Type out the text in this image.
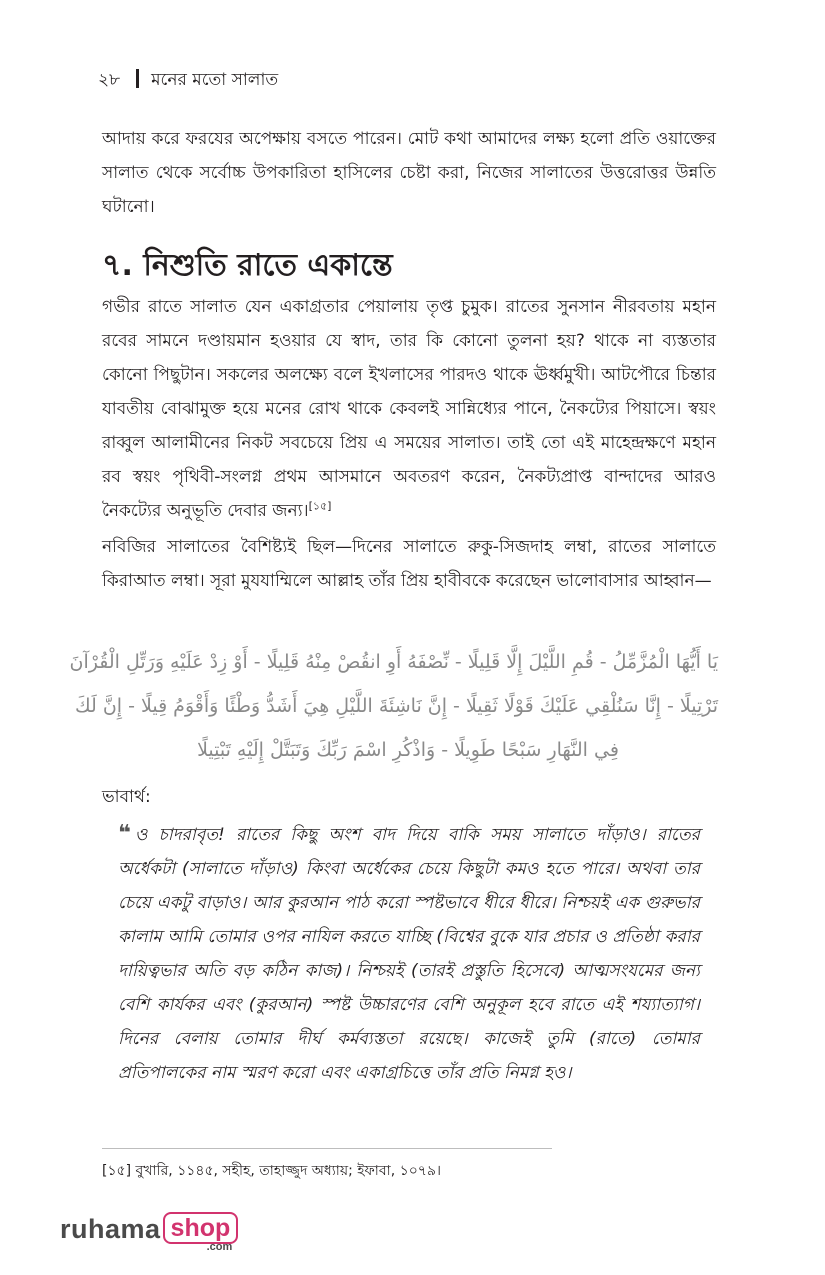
২৮ মনের মতো সালাত

আদায় করে ফরযের অপেক্ষায় বসতে পারেন। মোট কথা আমাদের লক্ষ্য হলো প্রতি ওয়াক্তের সালাত থেকে সর্বোচ্চ উপকারিতা হাসিলের চেষ্টা করা, নিজের সালাতের উত্তরোত্তর উন্নতি ঘটানো।

৭. নিশুতি রাতে একান্তে

গভীর রাতে সালাত যেন একাগ্রতার পেয়ালায় তৃপ্ত চুমুক। রাতের সুনসান নীরবতায় মহান রবের সামনে দণ্ডায়মান হওয়ার যে স্বাদ, তার কি কোনো তুলনা হয়? থাকে না ব্যস্ততার কোনো পিছুটান। সকলের অলক্ষ্যে বলে ইখলাসের পারদও থাকে ঊর্ধ্বমুখী। আটপৌরে চিন্তার যাবতীয় বোঝামুক্ত হয়ে মনের রোখ থাকে কেবলই সান্নিধ্যের পানে, নৈকট্যের পিয়াসে। স্বয়ং রাব্বুল আলামীনের নিকট সবচেয়ে প্রিয় এ সময়ের সালাত। তাই তো এই মাহেন্দ্রক্ষণে মহান রব স্বয়ং পৃথিবী-সংলগ্ন প্রথম আসমানে অবতরণ করেন, নৈকট্যপ্রাপ্ত বান্দাদের আরও নৈকট্যের অনুভূতি দেবার জন্য।[১৫]

নবিজির সালাতের বৈশিষ্ট্যই ছিল—দিনের সালাতে রুকু-সিজদাহ লম্বা, রাতের সালাতে কিরাআত লম্বা। সূরা মুযযাম্মিলে আল্লাহ তাঁর প্রিয় হাবীবকে করেছেন ভালোবাসার আহ্বান—

يَا أَيُّهَا الْمُزَّمِّلُ - قُمِ اللَّيْلَ إِلَّا قَلِيلًا - نِّصْفَهُ أَوِ انقُصْ مِنْهُ قَلِيلًا - أَوْ زِدْ عَلَيْهِ وَرَتِّلِ الْقُرْآنَ
تَرْتِيلًا - إِنَّا سَنُلْقِي عَلَيْكَ قَوْلًا ثَقِيلًا - إِنَّ نَاشِئَةَ اللَّيْلِ هِيَ أَشَدُّ وَطْئًا وَأَقْوَمُ قِيلًا - إِنَّ لَكَ
فِي النَّهَارِ سَبْحًا طَوِيلًا - وَاذْكُرِ اسْمَ رَبِّكَ وَتَبَتَّلْ إِلَيْهِ تَبْتِيلًا

ভাবার্থ:

❝ ও চাদরাবৃত! রাতের কিছু অংশ বাদ দিয়ে বাকি সময় সালাতে দাঁড়াও। রাতের অর্ধেকটা (সালাতে দাঁড়াও) কিংবা অর্ধেকের চেয়ে কিছুটা কমও হতে পারে। অথবা তার চেয়ে একটু বাড়াও। আর কুরআন পাঠ করো স্পষ্টভাবে ধীরে ধীরে। নিশ্চয়ই এক গুরুভার কালাম আমি তোমার ওপর নাযিল করতে যাচ্ছি (বিশ্বের বুকে যার প্রচার ও প্রতিষ্ঠা করার দায়িত্বভার অতি বড় কঠিন কাজ)। নিশ্চয়ই (তারই প্রস্তুতি হিসেবে) আত্মসংযমের জন্য বেশি কার্যকর এবং (কুরআন) স্পষ্ট উচ্চারণের বেশি অনুকূল হবে রাতে এই শয্যাত্যাগ। দিনের বেলায় তোমার দীর্ঘ কর্মব্যস্ততা রয়েছে। কাজেই তুমি (রাতে) তোমার প্রতিপালকের নাম স্মরণ করো এবং একাগ্রচিত্তে তাঁর প্রতি নিমগ্ন হও।

[১৫] বুখারি, ১১৪৫, সহীহ, তাহাজ্জুদ অধ্যায়; ইফাবা, ১০৭৯।

ruhama shop
.com
